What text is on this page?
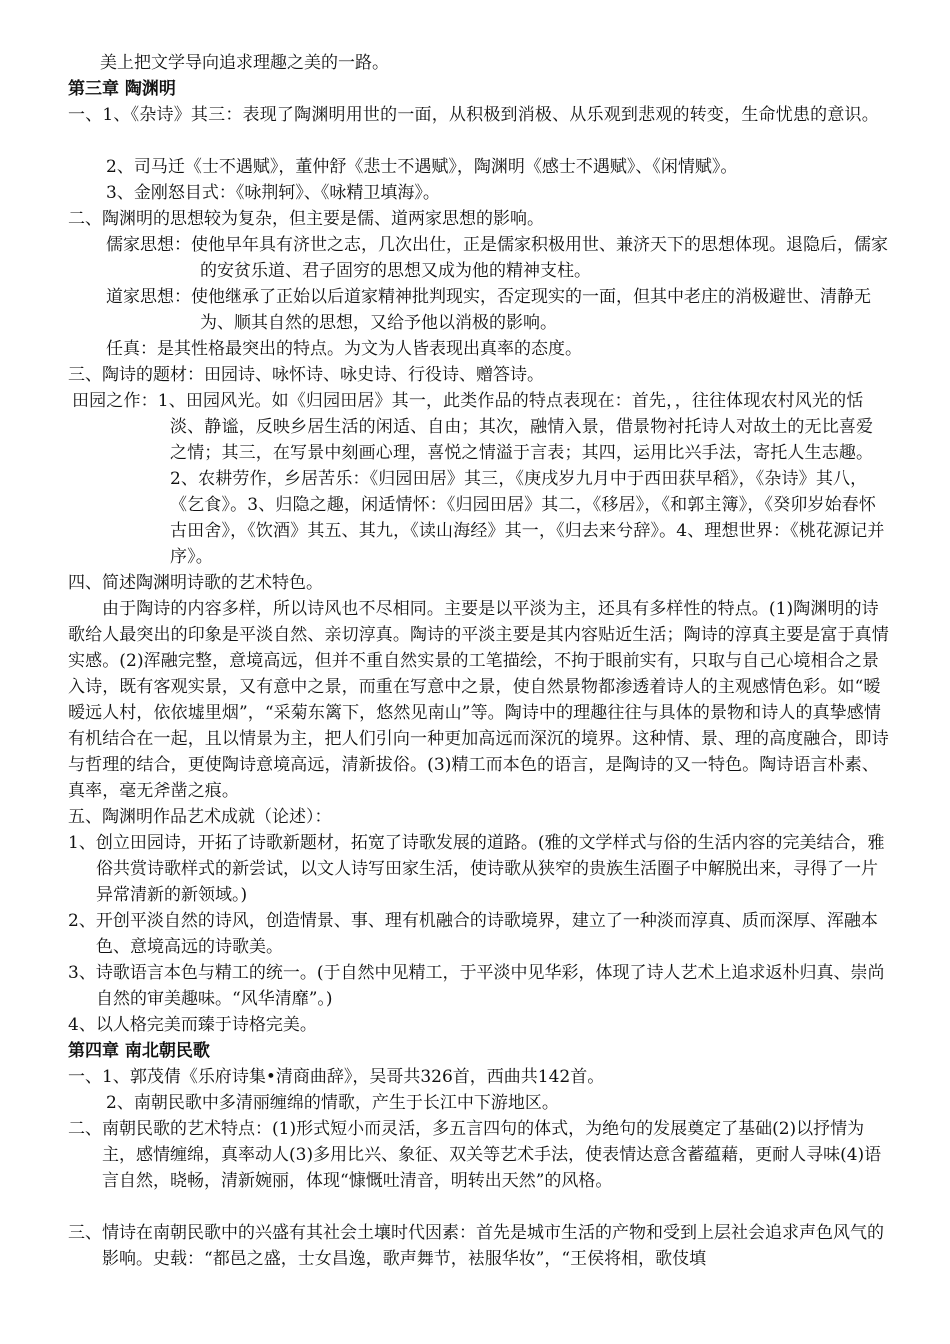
美上把文学导向追求理趣之美的一路。

第三章 陶渊明

一、1、《杂诗》其三：表现了陶渊明用世的一面，从积极到消极、从乐观到悲观的转变，生命忧患的意识。

2、司马迁《士不遇赋》，董仲舒《悲士不遇赋》，陶渊明《感士不遇赋》、《闲情赋》。

3、金刚怒目式：《咏荆轲》、《咏精卫填海》。

二、陶渊明的思想较为复杂，但主要是儒、道两家思想的影响。

儒家思想：使他早年具有济世之志，几次出仕，正是儒家积极用世、兼济天下的思想体现。退隐后，儒家的安贫乐道、君子固穷的思想又成为他的精神支柱。

道家思想：使他继承了正始以后道家精神批判现实，否定现实的一面，但其中老庄的消极避世、清静无为、顺其自然的思想，又给予他以消极的影响。

任真：是其性格最突出的特点。为文为人皆表现出真率的态度。

三、陶诗的题材：田园诗、咏怀诗、咏史诗、行役诗、赠答诗。

田园之作：1、田园风光。如《归园田居》其一，此类作品的特点表现在：首先，，往往体现农村风光的恬淡、静谧，反映乡居生活的闲适、自由；其次，融情入景，借景物衬托诗人对故土的无比喜爱之情；其三，在写景中刻画心理，喜悦之情溢于言表；其四，运用比兴手法，寄托人生志趣。2、农耕劳作，乡居苦乐：《归园田居》其三，《庚戌岁九月中于西田获早稻》，《杂诗》其八，《乞食》。3、归隐之趣，闲适情怀：《归园田居》其二，《移居》，《和郭主簿》，《癸卯岁始春怀古田舍》，《饮酒》其五、其九，《读山海经》其一，《归去来兮辞》。4、理想世界：《桃花源记并序》。

四、简述陶渊明诗歌的艺术特色。

由于陶诗的内容多样，所以诗风也不尽相同。主要是以平淡为主，还具有多样性的特点。(1)陶渊明的诗歌给人最突出的印象是平淡自然、亲切淳真。陶诗的平淡主要是其内容贴近生活；陶诗的淳真主要是富于真情实感。(2)浑融完整，意境高远，但并不重自然实景的工笔描绘，不拘于眼前实有，只取与自己心境相合之景入诗，既有客观实景，又有意中之景，而重在写意中之景，使自然景物都渗透着诗人的主观感情色彩。如“暧暧远人村，依依墟里烟”，“采菊东篱下，悠然见南山”等。陶诗中的理趣往往与具体的景物和诗人的真挚感情有机结合在一起，且以情景为主，把人们引向一种更加高远而深沉的境界。这种情、景、理的高度融合，即诗与哲理的结合，更使陶诗意境高远，清新拔俗。(3)精工而本色的语言，是陶诗的又一特色。陶诗语言朴素、真率，毫无斧凿之痕。

五、陶渊明作品艺术成就（论述）：

1、创立田园诗，开拓了诗歌新题材，拓宽了诗歌发展的道路。(雅的文学样式与俗的生活内容的完美结合，雅俗共赏诗歌样式的新尝试，以文人诗写田家生活，使诗歌从狭窄的贵族生活圈子中解脱出来，寻得了一片异常清新的新领域。)

2、开创平淡自然的诗风，创造情景、事、理有机融合的诗歌境界，建立了一种淡而淳真、质而深厚、浑融本色、意境高远的诗歌美。

3、诗歌语言本色与精工的统一。(于自然中见精工，于平淡中见华彩，体现了诗人艺术上追求返朴归真、崇尚自然的审美趣味。“风华清靡”。)

4、以人格完美而臻于诗格完美。

第四章 南北朝民歌

一、1、郭茂倩《乐府诗集•清商曲辞》，吴哥共326首，西曲共142首。

2、南朝民歌中多清丽缠绵的情歌，产生于长江中下游地区。

二、南朝民歌的艺术特点：(1)形式短小而灵活，多五言四句的体式，为绝句的发展奠定了基础(2)以抒情为主，感情缠绵，真率动人(3)多用比兴、象征、双关等艺术手法，使表情达意含蓄蕴藉，更耐人寻味(4)语言自然，晓畅，清新婉丽，体现“慷慨吐清音，明转出天然”的风格。

三、情诗在南朝民歌中的兴盛有其社会土壤时代因素：首先是城市生活的产物和受到上层社会追求声色风气的影响。史载：“都邑之盛，士女昌逸，歌声舞节，袪服华妆”，“王侯将相，歌伎填
